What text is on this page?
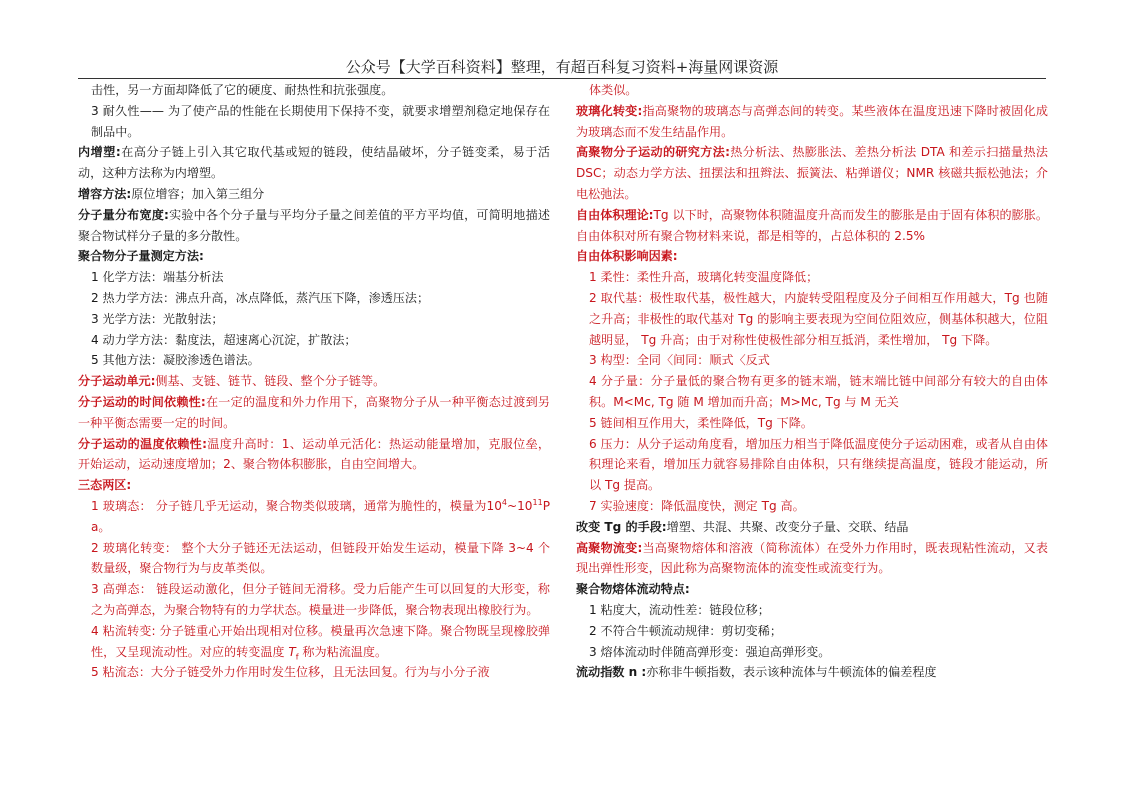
公众号【大学百科资料】整理，有超百科复习资料+海量网课资源

击性，另一方面却降低了它的硬度、耐热性和抗张强度。

3 耐久性—— 为了使产品的性能在长期使用下保持不变，就要求增塑剂稳定地保存在制品中。

内增塑:在高分子链上引入其它取代基或短的链段，使结晶破坏，分子链变柔，易于活动，这种方法称为内增塑。

增容方法:原位增容；加入第三组分

分子量分布宽度:实验中各个分子量与平均分子量之间差值的平方平均值，可简明地描述聚合物试样分子量的多分散性。

聚合物分子量测定方法:

1 化学方法：端基分析法

2 热力学方法：沸点升高，冰点降低，蒸汽压下降，渗透压法；

3 光学方法：光散射法；

4 动力学方法：黏度法，超速离心沉淀，扩散法；

5 其他方法：凝胶渗透色谱法。

分子运动单元:侧基、支链、链节、链段、整个分子链等。

分子运动的时间依赖性:在一定的温度和外力作用下，高聚物分子从一种平衡态过渡到另一种平衡态需要一定的时间。

分子运动的温度依赖性:温度升高时：1、运动单元活化：热运动能量增加，克服位垒，开始运动，运动速度增加；2、聚合物体积膨胀，自由空间增大。

三态两区:

1 玻璃态： 分子链几乎无运动，聚合物类似玻璃，通常为脆性的，模量为$10^4\sim 10^{11}Pa$。

2 玻璃化转变： 整个大分子链还无法运动，但链段开始发生运动，模量下降 3~4 个数量级，聚合物行为与皮革类似。

3 高弹态： 链段运动激化，但分子链间无滑移。受力后能产生可以回复的大形变，称之为高弹态，为聚合物特有的力学状态。模量进一步降低，聚合物表现出橡胶行为。

4 粘流转变: 分子链重心开始出现相对位移。模量再次急速下降。聚合物既呈现橡胶弹性，又呈现流动性。对应的转变温度 $T_f$ 称为粘流温度。

5 粘流态：大分子链受外力作用时发生位移，且无法回复。行为与小分子液

体类似。

玻璃化转变:指高聚物的玻璃态与高弹态间的转变。某些液体在温度迅速下降时被固化成为玻璃态而不发生结晶作用。

高聚物分子运动的研究方法:热分析法、热膨胀法、差热分析法 DTA 和差示扫描量热法 DSC；动态力学方法、扭摆法和扭辫法、振簧法、粘弹谱仪；NMR 核磁共振松弛法；介电松弛法。

自由体积理论:Tg 以下时，高聚物体积随温度升高而发生的膨胀是由于固有体积的膨胀。自由体积对所有聚合物材料来说，都是相等的，占总体积的 2.5%

自由体积影响因素:

1 柔性：柔性升高，玻璃化转变温度降低；

2 取代基：极性取代基，极性越大，内旋转受阻程度及分子间相互作用越大，Tg 也随之升高；非极性的取代基对 Tg 的影响主要表现为空间位阻效应，侧基体积越大，位阻越明显， Tg 升高；由于对称性使极性部分相互抵消，柔性增加， Tg 下降。

3 构型：全同〈间同：顺式〈反式

4 分子量：分子量低的聚合物有更多的链末端，链末端比链中间部分有较大的自由体积。M<Mc, Tg 随 M 增加而升高；M>Mc, Tg 与 M 无关

5 链间相互作用大，柔性降低，Tg 下降。

6 压力：从分子运动角度看，增加压力相当于降低温度使分子运动困难，或者从自由体积理论来看，增加压力就容易排除自由体积，只有继续提高温度，链段才能运动，所以 Tg 提高。

7 实验速度：降低温度快，测定 Tg 高。

改变 Tg 的手段:增塑、共混、共聚、改变分子量、交联、结晶

高聚物流变:当高聚物熔体和溶液（简称流体）在受外力作用时，既表现粘性流动，又表现出弹性形变，因此称为高聚物流体的流变性或流变行为。

聚合物熔体流动特点:

1 粘度大，流动性差：链段位移；

2 不符合牛顿流动规律：剪切变稀；

3 熔体流动时伴随高弹形变：强迫高弹形变。

流动指数 n :亦称非牛顿指数，表示该种流体与牛顿流体的偏差程度
